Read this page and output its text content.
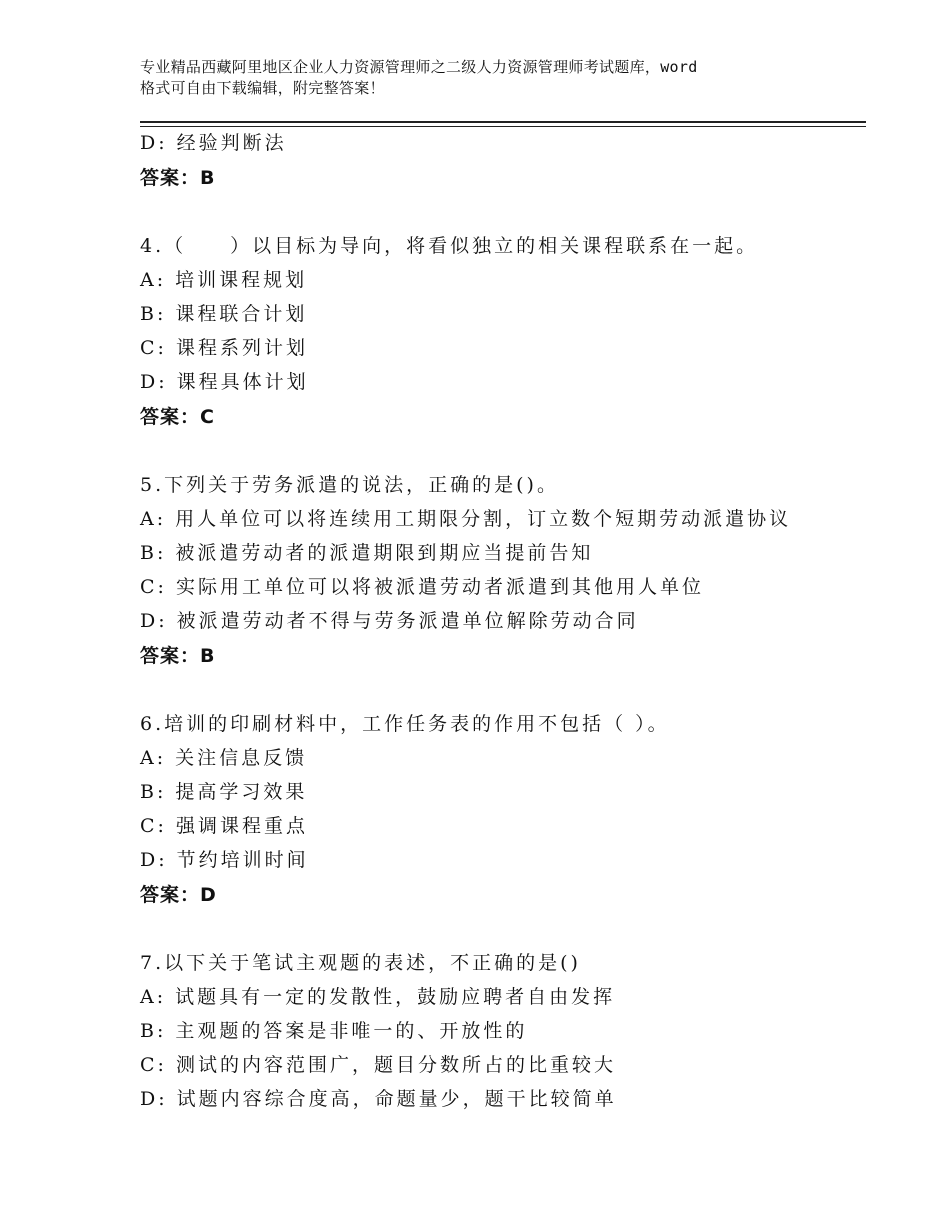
专业精品西藏阿里地区企业人力资源管理师之二级人力资源管理师考试题库，word
格式可自由下载编辑，附完整答案！
D: 经验判断法
答案：B
4.（　　）以目标为导向，将看似独立的相关课程联系在一起。
A: 培训课程规划
B: 课程联合计划
C: 课程系列计划
D: 课程具体计划
答案：C
5.下列关于劳务派遣的说法，正确的是()。
A: 用人单位可以将连续用工期限分割，订立数个短期劳动派遣协议
B: 被派遣劳动者的派遣期限到期应当提前告知
C: 实际用工单位可以将被派遣劳动者派遣到其他用人单位
D: 被派遣劳动者不得与劳务派遣单位解除劳动合同
答案：B
6.培训的印刷材料中，工作任务表的作用不包括（ ）。
A: 关注信息反馈
B: 提高学习效果
C: 强调课程重点
D: 节约培训时间
答案：D
7.以下关于笔试主观题的表述，不正确的是()
A: 试题具有一定的发散性，鼓励应聘者自由发挥
B: 主观题的答案是非唯一的、开放性的
C: 测试的内容范围广，题目分数所占的比重较大
D: 试题内容综合度高，命题量少，题干比较简单
